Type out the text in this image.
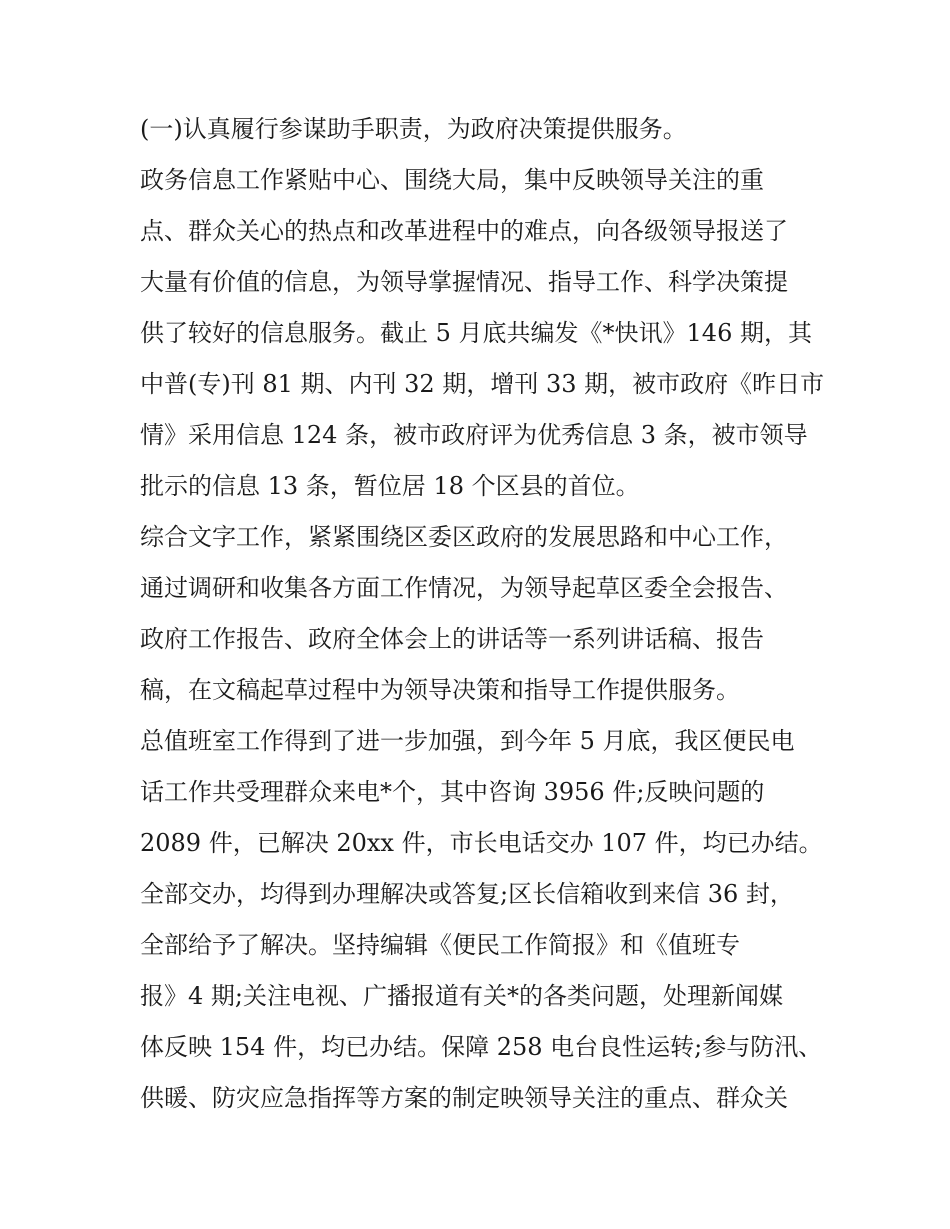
(一)认真履行参谋助手职责，为政府决策提供服务。
政务信息工作紧贴中心、围绕大局，集中反映领导关注的重
点、群众关心的热点和改革进程中的难点，向各级领导报送了
大量有价值的信息，为领导掌握情况、指导工作、科学决策提
供了较好的信息服务。截止 5 月底共编发《*快讯》146 期，其
中普(专)刊 81 期、内刊 32 期，增刊 33 期，被市政府《昨日市
情》采用信息 124 条，被市政府评为优秀信息 3 条，被市领导
批示的信息 13 条，暂位居 18 个区县的首位。
综合文字工作，紧紧围绕区委区政府的发展思路和中心工作，
通过调研和收集各方面工作情况，为领导起草区委全会报告、
政府工作报告、政府全体会上的讲话等一系列讲话稿、报告
稿，在文稿起草过程中为领导决策和指导工作提供服务。
总值班室工作得到了进一步加强，到今年 5 月底，我区便民电
话工作共受理群众来电*个，其中咨询 3956 件;反映问题的
2089 件，已解决 20xx 件，市长电话交办 107 件，均已办结。
全部交办，均得到办理解决或答复;区长信箱收到来信 36 封，
全部给予了解决。坚持编辑《便民工作简报》和《值班专
报》4 期;关注电视、广播报道有关*的各类问题，处理新闻媒
体反映 154 件，均已办结。保障 258 电台良性运转;参与防汛、
供暖、防灾应急指挥等方案的制定映领导关注的重点、群众关
